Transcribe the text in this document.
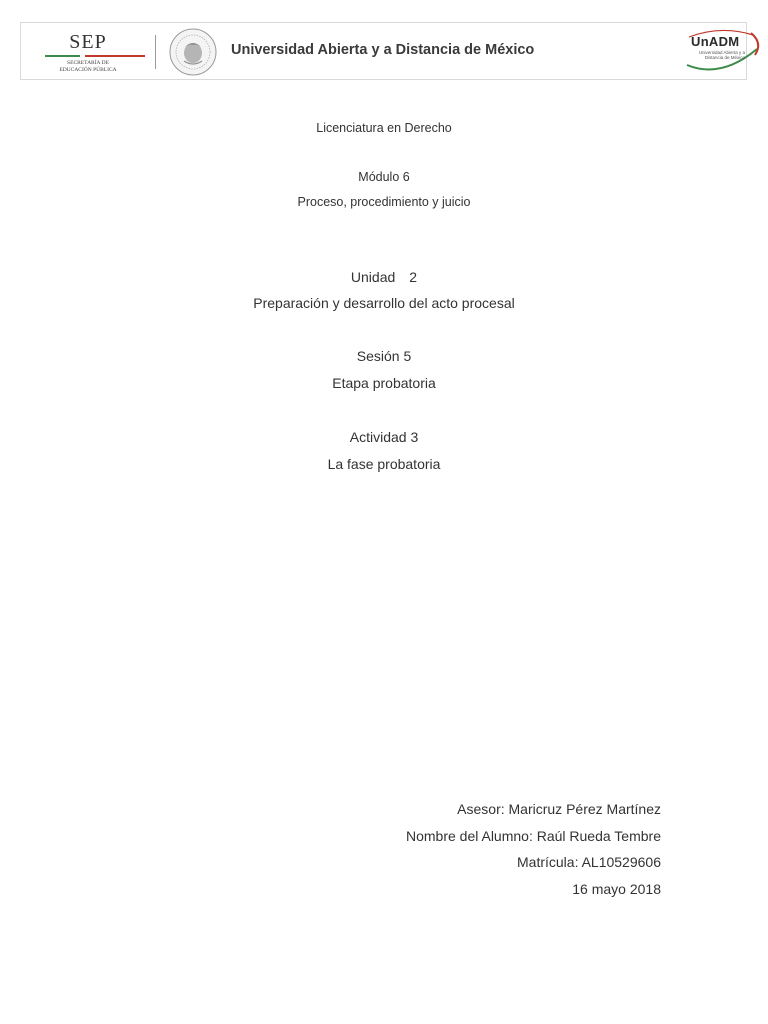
SEP
SECRETARÍA DE
EDUCACIÓN PÚBLICA
Universidad Abierta y a Distancia de México
UnADM
Universidad Abierta y a Distancia de México
Licenciatura en Derecho
Módulo 6
Proceso, procedimiento y juicio
Unidad 2
Preparación y desarrollo del acto procesal
Sesión 5
Etapa probatoria
Actividad 3
La fase probatoria
Asesor: Maricruz Pérez Martínez
Nombre del Alumno: Raúl Rueda Tembre
Matrícula: AL10529606
16 mayo 2018
